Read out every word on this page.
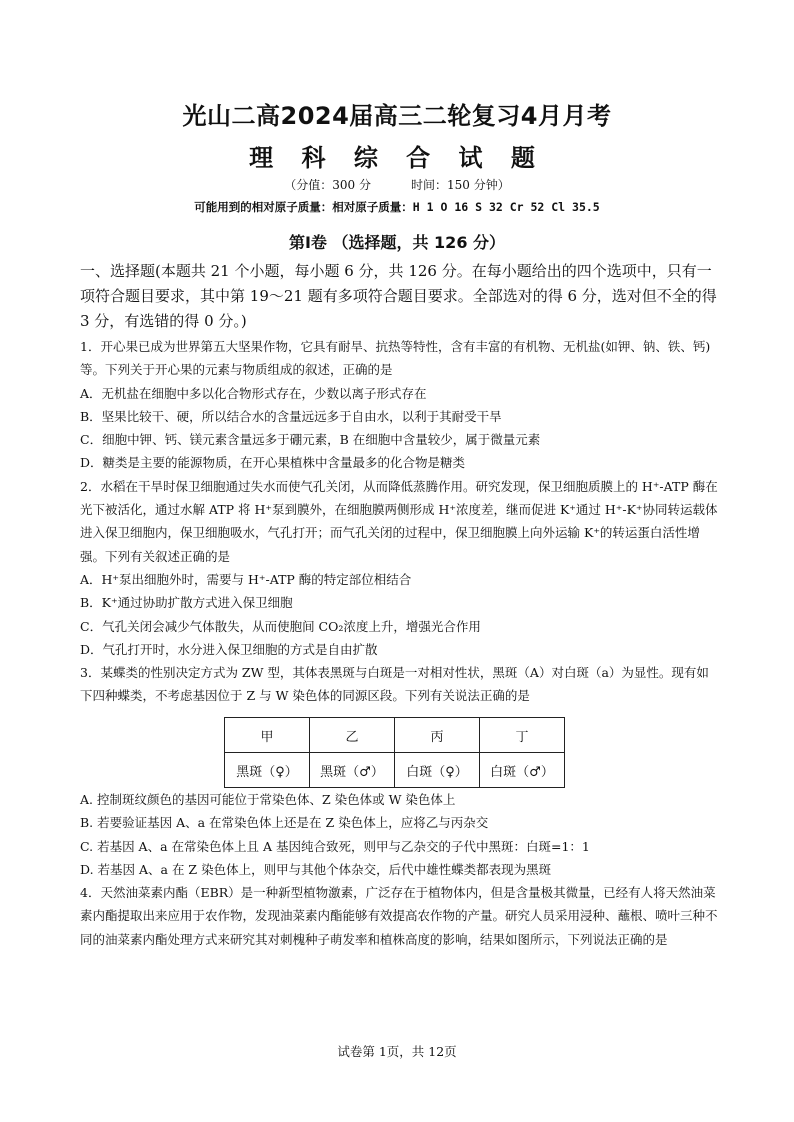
光山二高2024届高三二轮复习4月月考
理 科 综 合 试 题
（分值：300 分	时间：150 分钟）
可能用到的相对原子质量：相对原子质量：H 1 O 16 S 32 Cr 52 Cl 35.5
第Ⅰ卷 （选择题，共 126 分）
一、选择题(本题共 21 个小题，每小题 6 分，共 126 分。在每小题给出的四个选项中，只有一项符合题目要求，其中第 19～21 题有多项符合题目要求。全部选对的得 6 分，选对但不全的得 3 分，有选错的得 0 分。)

1．开心果已成为世界第五大坚果作物，它具有耐旱、抗热等特性，含有丰富的有机物、无机盐(如钾、钠、铁、钙)等。下列关于开心果的元素与物质组成的叙述，正确的是

A．无机盐在细胞中多以化合物形式存在，少数以离子形式存在

B．坚果比较干、硬，所以结合水的含量远远多于自由水，以利于其耐受干旱

C．细胞中钾、钙、镁元素含量远多于硼元素，B 在细胞中含量较少，属于微量元素

D．糖类是主要的能源物质，在开心果植株中含量最多的化合物是糖类

2．水稻在干旱时保卫细胞通过失水而使气孔关闭，从而降低蒸腾作用。研究发现，保卫细胞质膜上的 H⁺-ATP 酶在光下被活化，通过水解 ATP 将 H⁺泵到膜外，在细胞膜两侧形成 H⁺浓度差，继而促进 K⁺通过 H⁺-K⁺协同转运载体进入保卫细胞内，保卫细胞吸水，气孔打开；而气孔关闭的过程中，保卫细胞膜上向外运输 K⁺的转运蛋白活性增强。下列有关叙述正确的是

A．H⁺泵出细胞外时，需要与 H⁺-ATP 酶的特定部位相结合

B．K⁺通过协助扩散方式进入保卫细胞

C．气孔关闭会减少气体散失，从而使胞间 CO₂浓度上升，增强光合作用

D．气孔打开时，水分进入保卫细胞的方式是自由扩散

3．某蝶类的性别决定方式为 ZW 型，其体表黑斑与白斑是一对相对性状，黑斑（A）对白斑（a）为显性。现有如下四种蝶类，不考虑基因位于 Z 与 W 染色体的同源区段。下列有关说法正确的是

甲	乙	丙	丁
黑斑（♀）	黑斑（♂）	白斑（♀）	白斑（♂）

A. 控制斑纹颜色的基因可能位于常染色体、Z 染色体或 W 染色体上

B. 若要验证基因 A、a 在常染色体上还是在 Z 染色体上，应将乙与丙杂交

C. 若基因 A、a 在常染色体上且 A 基因纯合致死，则甲与乙杂交的子代中黑斑：白斑=1：1

D. 若基因 A、a 在 Z 染色体上，则甲与其他个体杂交，后代中雄性蝶类都表现为黑斑

4．天然油菜素内酯（EBR）是一种新型植物激素，广泛存在于植物体内，但是含量极其微量，已经有人将天然油菜素内酯提取出来应用于农作物，发现油菜素内酯能够有效提高农作物的产量。研究人员采用浸种、蘸根、喷叶三种不同的油菜素内酯处理方式来研究其对刺槐种子萌发率和植株高度的影响，结果如图所示，下列说法正确的是

试卷第 1页，共 12页
